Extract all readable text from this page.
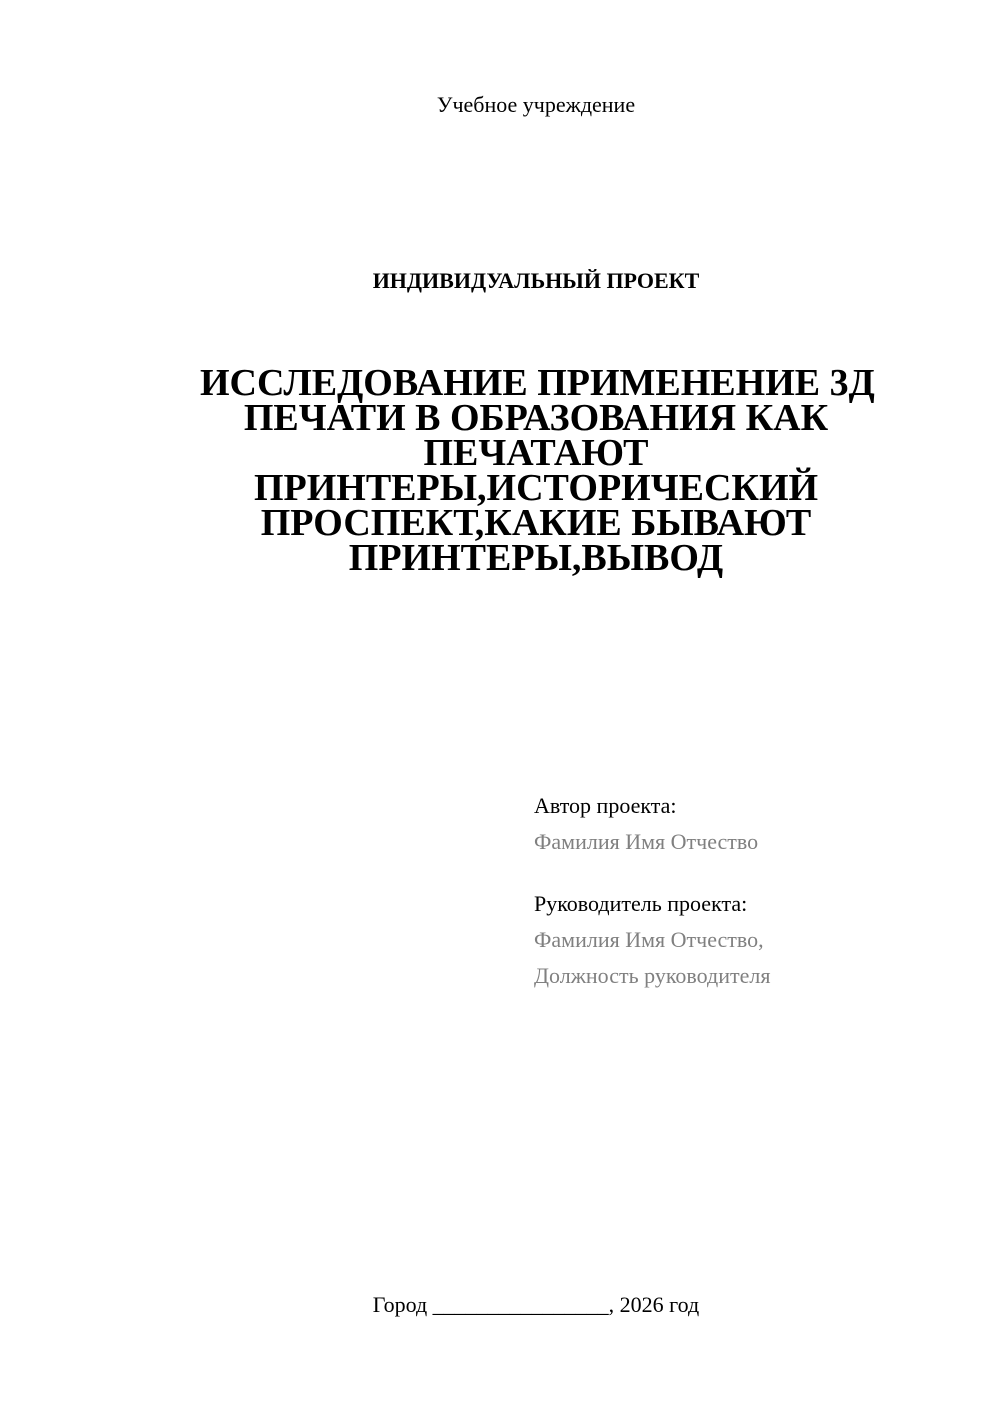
Учебное учреждение
ИНДИВИДУАЛЬНЫЙ ПРОЕКТ
ИССЛЕДОВАНИЕ ПРИМЕНЕНИЕ 3Д
ПЕЧАТИ В ОБРАЗОВАНИЯ КАК
ПЕЧАТАЮТ
ПРИНТЕРЫ,ИСТОРИЧЕСКИЙ
ПРОСПЕКТ,КАКИЕ БЫВАЮТ
ПРИНТЕРЫ,ВЫВОД
Автор проекта:
Фамилия Имя Отчество
Руководитель проекта:
Фамилия Имя Отчество,
Должность руководителя
Город ________________, 2026 год
